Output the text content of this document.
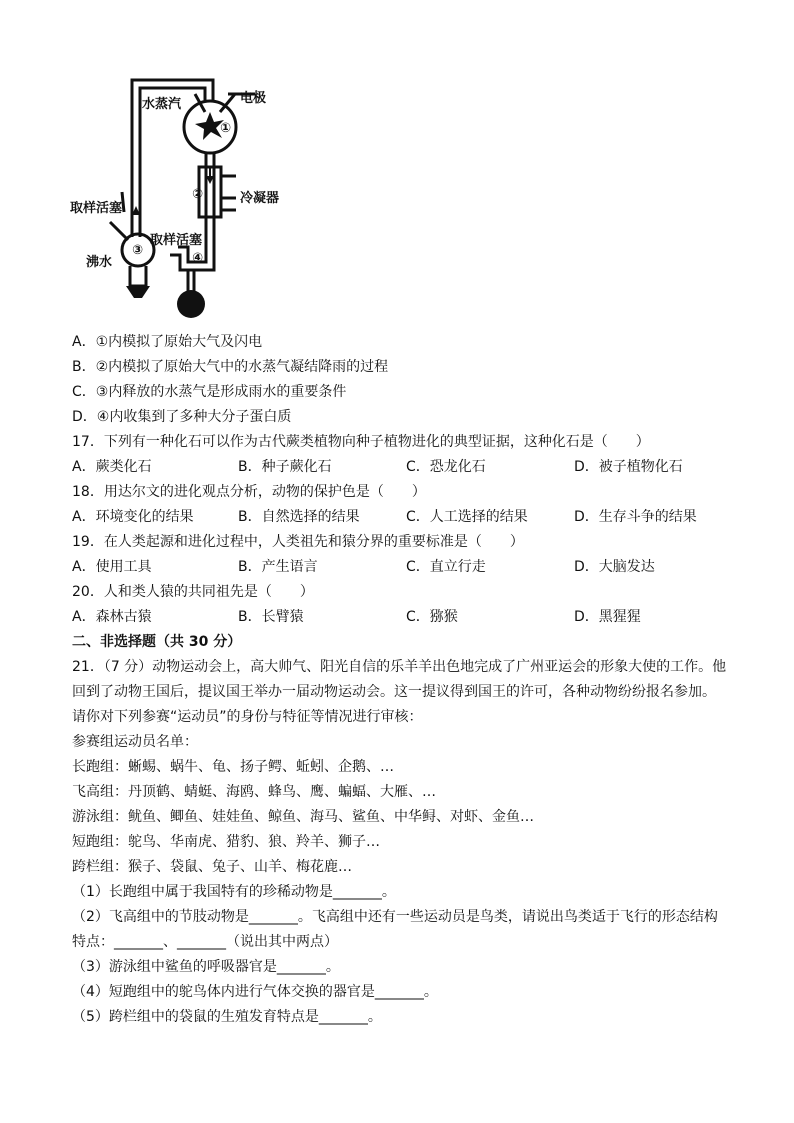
水蒸汽	电极
①
②	冷凝器
取样活塞
取样活塞
③
沸水	④
A．①内模拟了原始大气及闪电
B．②内模拟了原始大气中的水蒸气凝结降雨的过程
C．③内释放的水蒸气是形成雨水的重要条件
D．④内收集到了多种大分子蛋白质
17．下列有一种化石可以作为古代蕨类植物向种子植物进化的典型证据，这种化石是（　　）
A．蕨类化石	B．种子蕨化石	C．恐龙化石	D．被子植物化石
18．用达尔文的进化观点分析，动物的保护色是（　　）
A．环境变化的结果	B．自然选择的结果	C．人工选择的结果	D．生存斗争的结果
19．在人类起源和进化过程中，人类祖先和猿分界的重要标准是（　　）
A．使用工具	B．产生语言	C．直立行走	D．大脑发达
20．人和类人猿的共同祖先是（　　）
A．森林古猿	B．长臂猿	C．猕猴	D．黑猩猩
二、非选择题（共 30 分）
21．（7 分）动物运动会上，高大帅气、阳光自信的乐羊羊出色地完成了广州亚运会的形象大使的工作。他
回到了动物王国后，提议国王举办一届动物运动会。这一提议得到国王的许可，各种动物纷纷报名参加。
请你对下列参赛“运动员”的身份与特征等情况进行审核：
参赛组运动员名单：
长跑组：蜥蜴、蜗牛、龟、扬子鳄、蚯蚓、企鹅、…
飞高组：丹顶鹤、蜻蜓、海鸥、蜂鸟、鹰、蝙蝠、大雁、…
游泳组：鱿鱼、鲫鱼、娃娃鱼、鲸鱼、海马、鲨鱼、中华鲟、对虾、金鱼…
短跑组：鸵鸟、华南虎、猎豹、狼、羚羊、狮子…
跨栏组：猴子、袋鼠、兔子、山羊、梅花鹿…
（1）长跑组中属于我国特有的珍稀动物是_______。
（2）飞高组中的节肢动物是_______。飞高组中还有一些运动员是鸟类，请说出鸟类适于飞行的形态结构
特点：_______、_______（说出其中两点）
（3）游泳组中鲨鱼的呼吸器官是_______。
（4）短跑组中的鸵鸟体内进行气体交换的器官是_______。
（5）跨栏组中的袋鼠的生殖发育特点是_______。
